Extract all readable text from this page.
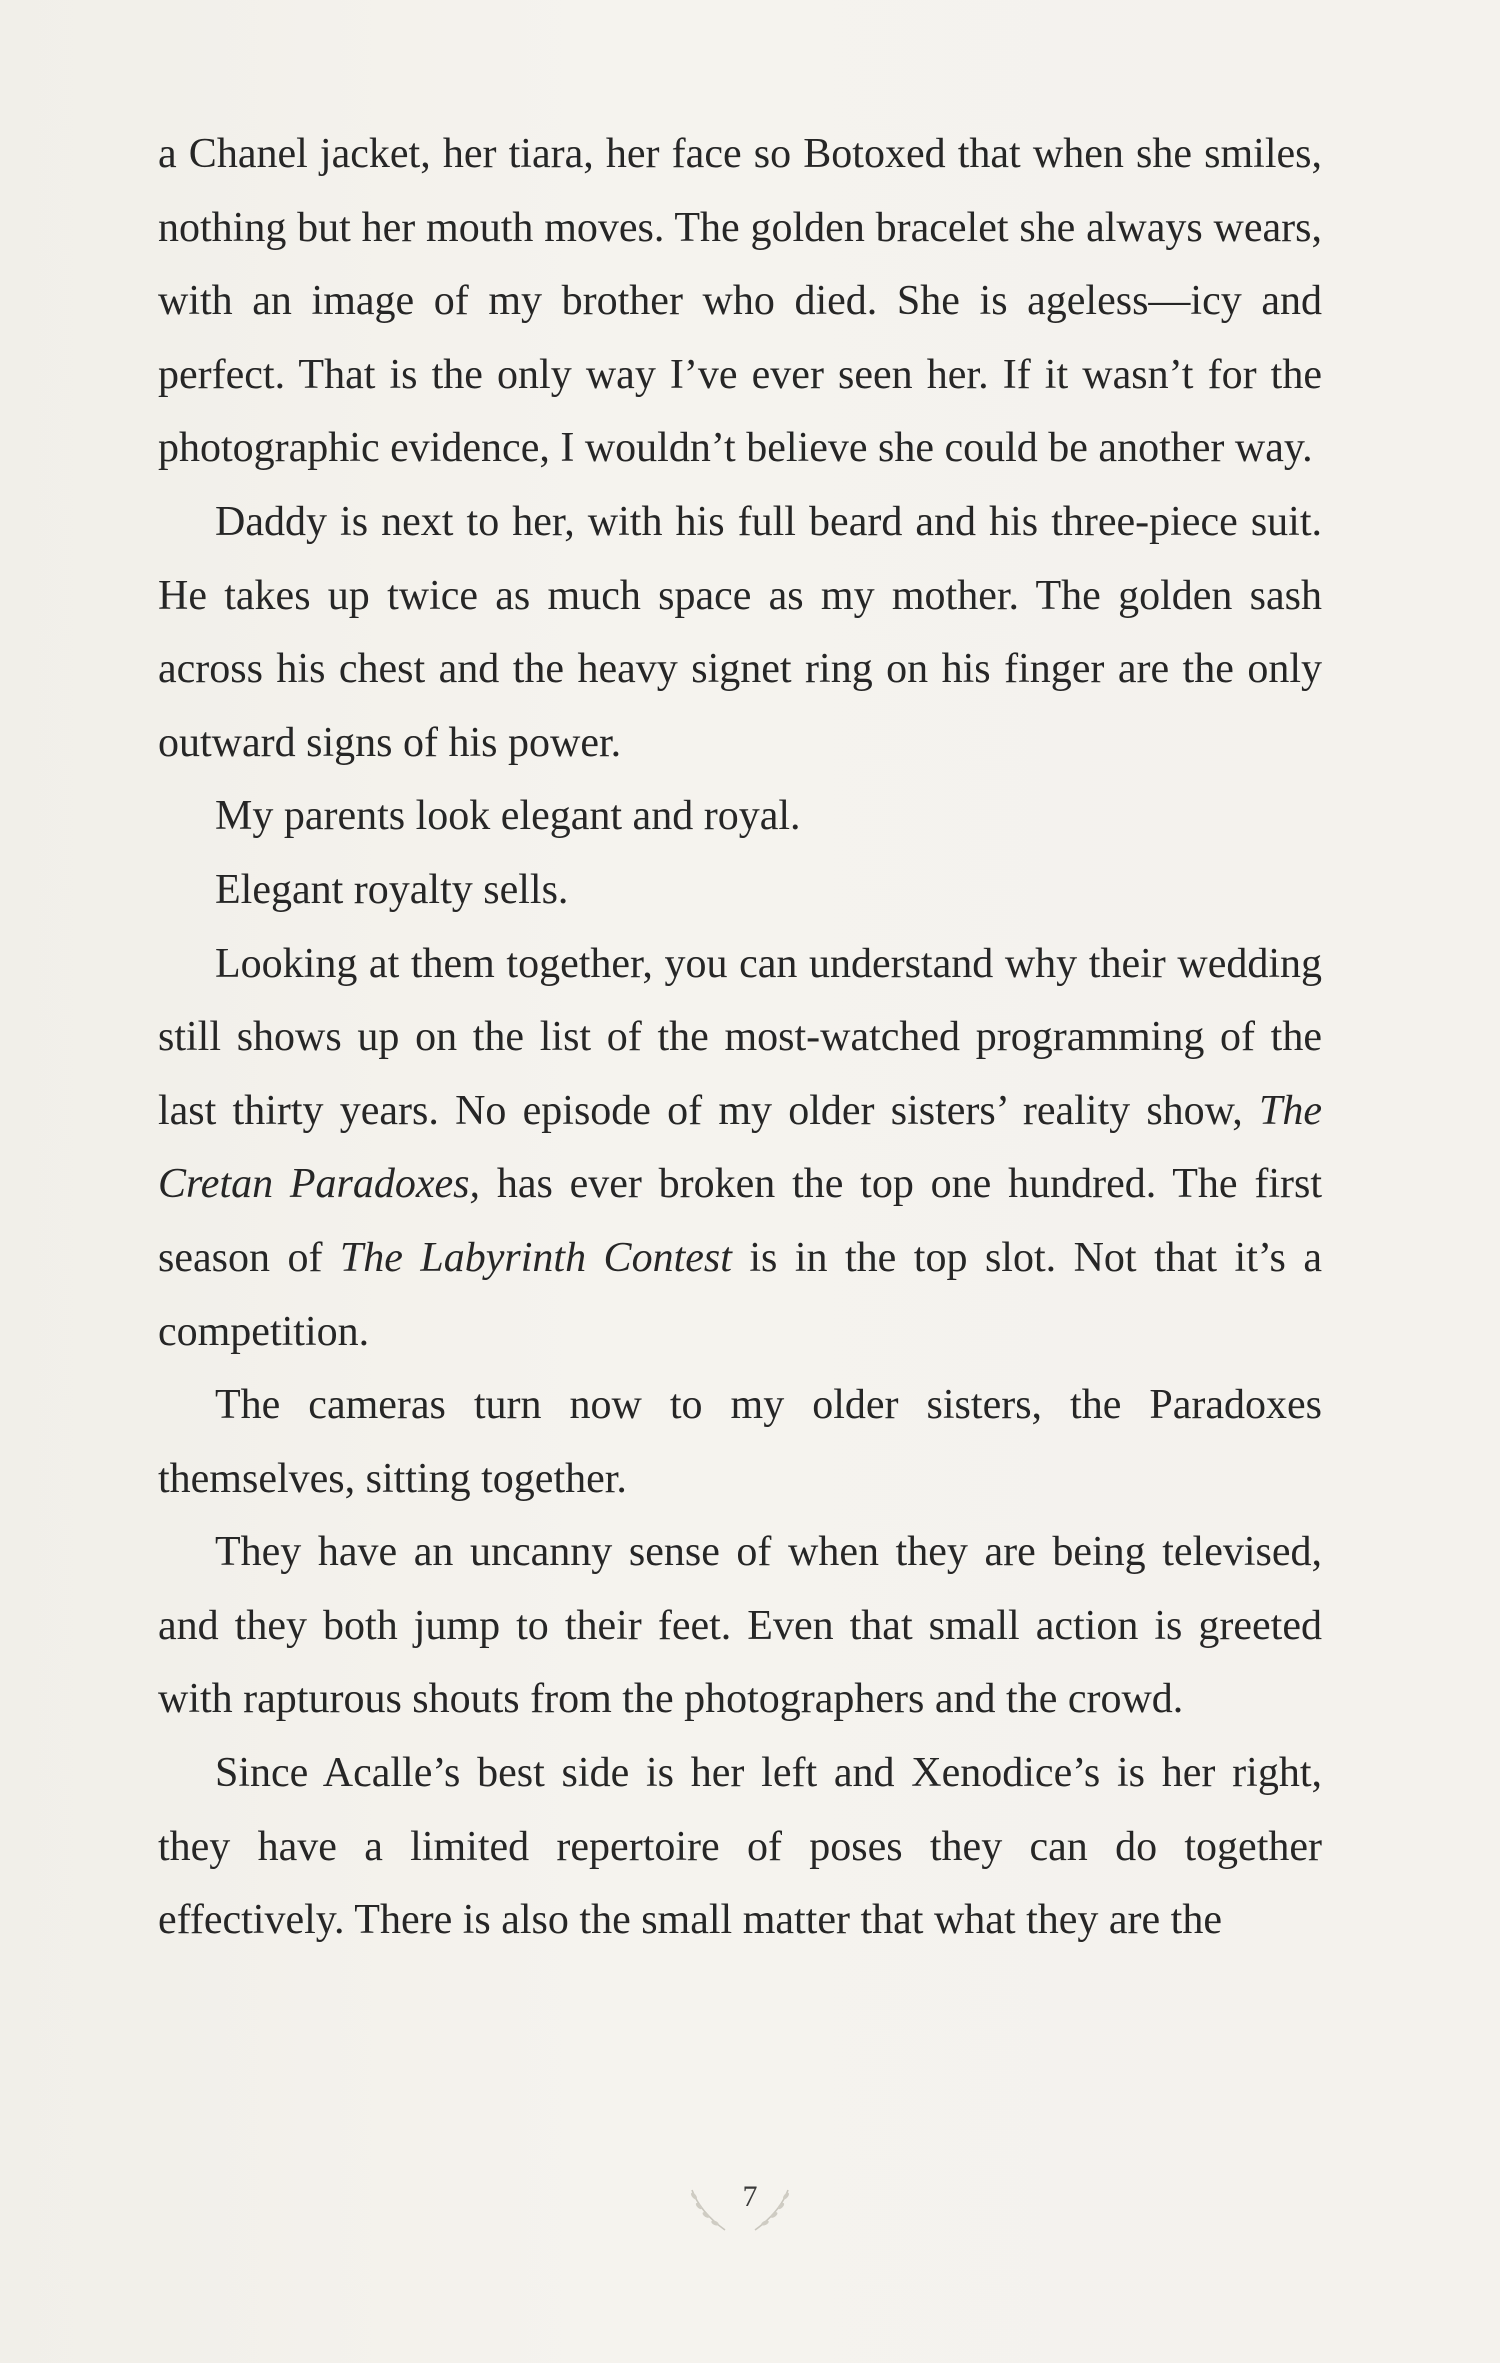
a Chanel jacket, her tiara, her face so Botoxed that when she smiles, nothing but her mouth moves. The golden bracelet she always wears, with an image of my brother who died. She is ageless—icy and perfect. That is the only way I’ve ever seen her. If it wasn’t for the photographic evidence, I wouldn’t believe she could be another way.

Daddy is next to her, with his full beard and his three-piece suit. He takes up twice as much space as my mother. The golden sash across his chest and the heavy signet ring on his finger are the only outward signs of his power.

My parents look elegant and royal.

Elegant royalty sells.

Looking at them together, you can understand why their wedding still shows up on the list of the most-watched programming of the last thirty years. No episode of my older sisters’ reality show, The Cretan Paradoxes, has ever broken the top one hundred. The first season of The Labyrinth Contest is in the top slot. Not that it’s a competition.

The cameras turn now to my older sisters, the Paradoxes themselves, sitting together.

They have an uncanny sense of when they are being televised, and they both jump to their feet. Even that small action is greeted with rapturous shouts from the photographers and the crowd.

Since Acalle’s best side is her left and Xenodice’s is her right, they have a limited repertoire of poses they can do together effectively. There is also the small matter that what they are the

7
